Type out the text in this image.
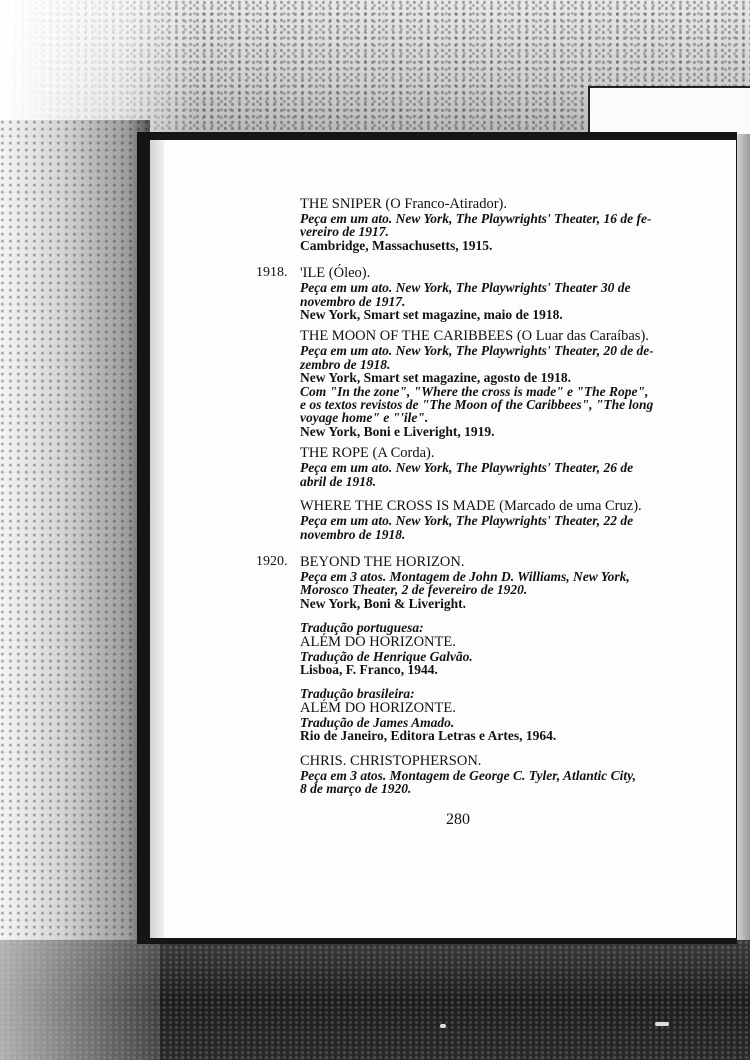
THE SNIPER (O Franco-Atirador).
Peça em um ato. New York, The Playwrights' Theater, 16 de fe-
vereiro de 1917.
Cambridge, Massachusetts, 1915.
1918. 'ILE (Óleo).
Peça em um ato. New York, The Playwrights' Theater 30 de
novembro de 1917.
New York, Smart set magazine, maio de 1918.
THE MOON OF THE CARIBBEES (O Luar das Caraíbas).
Peça em um ato. New York, The Playwrights' Theater, 20 de de-
zembro de 1918.
New York, Smart set magazine, agosto de 1918.
Com "In the zone", "Where the cross is made" e "The Rope",
e os textos revistos de "The Moon of the Caribbees", "The long
voyage home" e "'ile".
New York, Boni e Liveright, 1919.
THE ROPE (A Corda).
Peça em um ato. New York, The Playwrights' Theater, 26 de
abril de 1918.
WHERE THE CROSS IS MADE (Marcado de uma Cruz).
Peça em um ato. New York, The Playwrights' Theater, 22 de
novembro de 1918.
1920. BEYOND THE HORIZON.
Peça em 3 atos. Montagem de John D. Williams, New York,
Morosco Theater, 2 de fevereiro de 1920.
New York, Boni & Liveright.
Tradução portuguesa:
ALÉM DO HORIZONTE.
Tradução de Henrique Galvão.
Lisboa, F. Franco, 1944.
Tradução brasileira:
ALÉM DO HORIZONTE.
Tradução de James Amado.
Rio de Janeiro, Editora Letras e Artes, 1964.
CHRIS. CHRISTOPHERSON.
Peça em 3 atos. Montagem de George C. Tyler, Atlantic City,
8 de março de 1920.
280
